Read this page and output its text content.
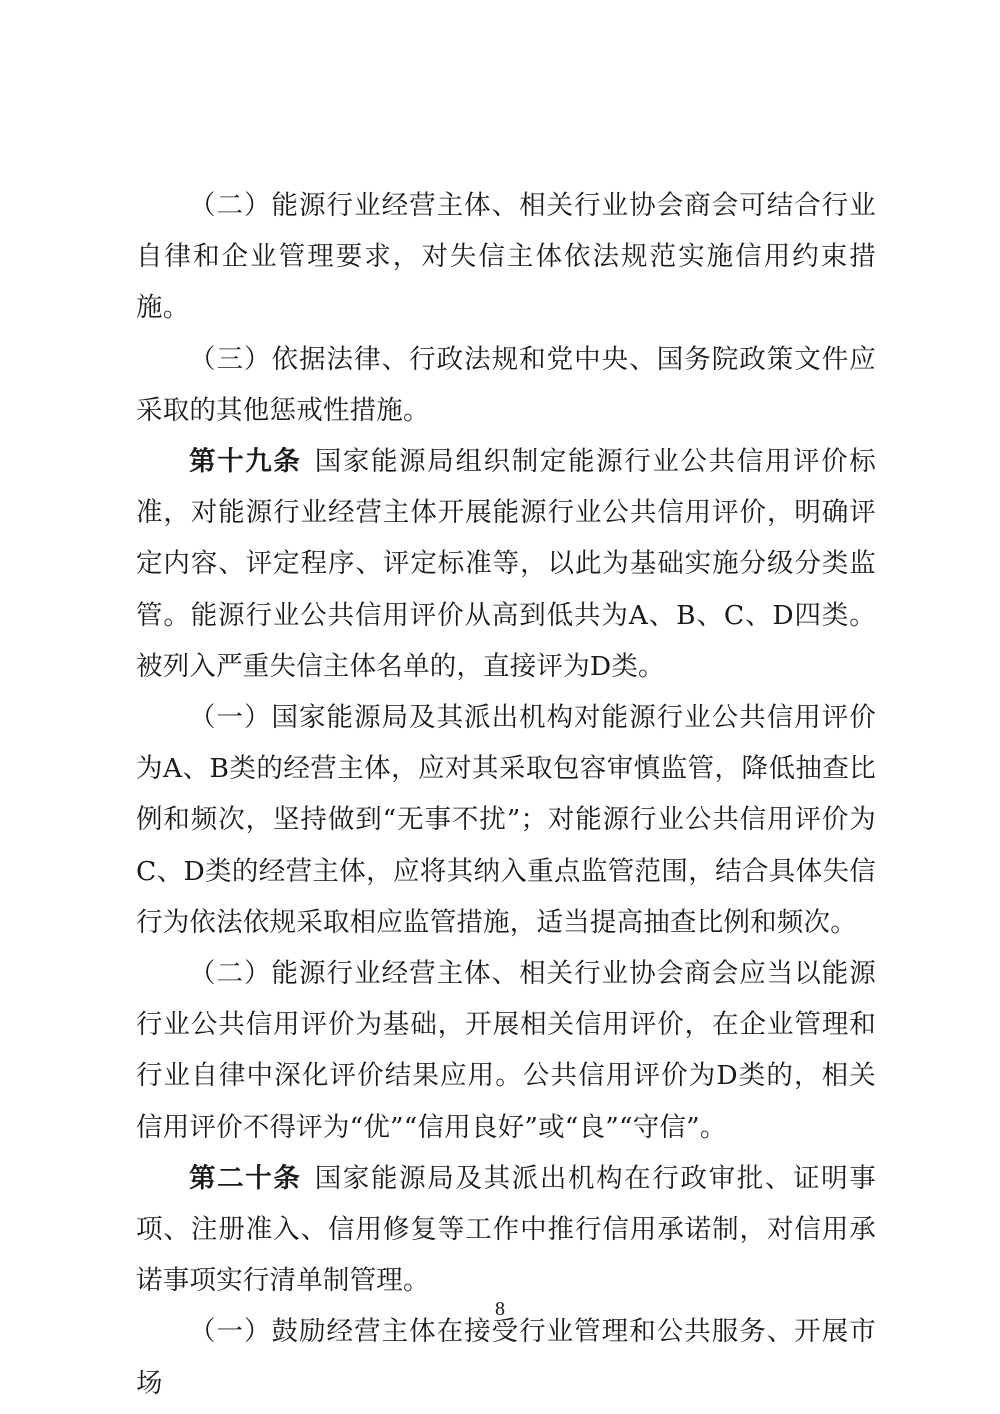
（二）能源行业经营主体、相关行业协会商会可结合行业自律和企业管理要求，对失信主体依法规范实施信用约束措施。

（三）依据法律、行政法规和党中央、国务院政策文件应采取的其他惩戒性措施。

第十九条 国家能源局组织制定能源行业公共信用评价标准，对能源行业经营主体开展能源行业公共信用评价，明确评定内容、评定程序、评定标准等，以此为基础实施分级分类监管。能源行业公共信用评价从高到低共为A、B、C、D四类。被列入严重失信主体名单的，直接评为D类。

（一）国家能源局及其派出机构对能源行业公共信用评价为A、B类的经营主体，应对其采取包容审慎监管，降低抽查比例和频次，坚持做到“无事不扰”；对能源行业公共信用评价为C、D类的经营主体，应将其纳入重点监管范围，结合具体失信行为依法依规采取相应监管措施，适当提高抽查比例和频次。

（二）能源行业经营主体、相关行业协会商会应当以能源行业公共信用评价为基础，开展相关信用评价，在企业管理和行业自律中深化评价结果应用。公共信用评价为D类的，相关信用评价不得评为“优”“信用良好”或“良”“守信”。

第二十条 国家能源局及其派出机构在行政审批、证明事项、注册准入、信用修复等工作中推行信用承诺制，对信用承诺事项实行清单制管理。

（一）鼓励经营主体在接受行业管理和公共服务、开展市场

8
